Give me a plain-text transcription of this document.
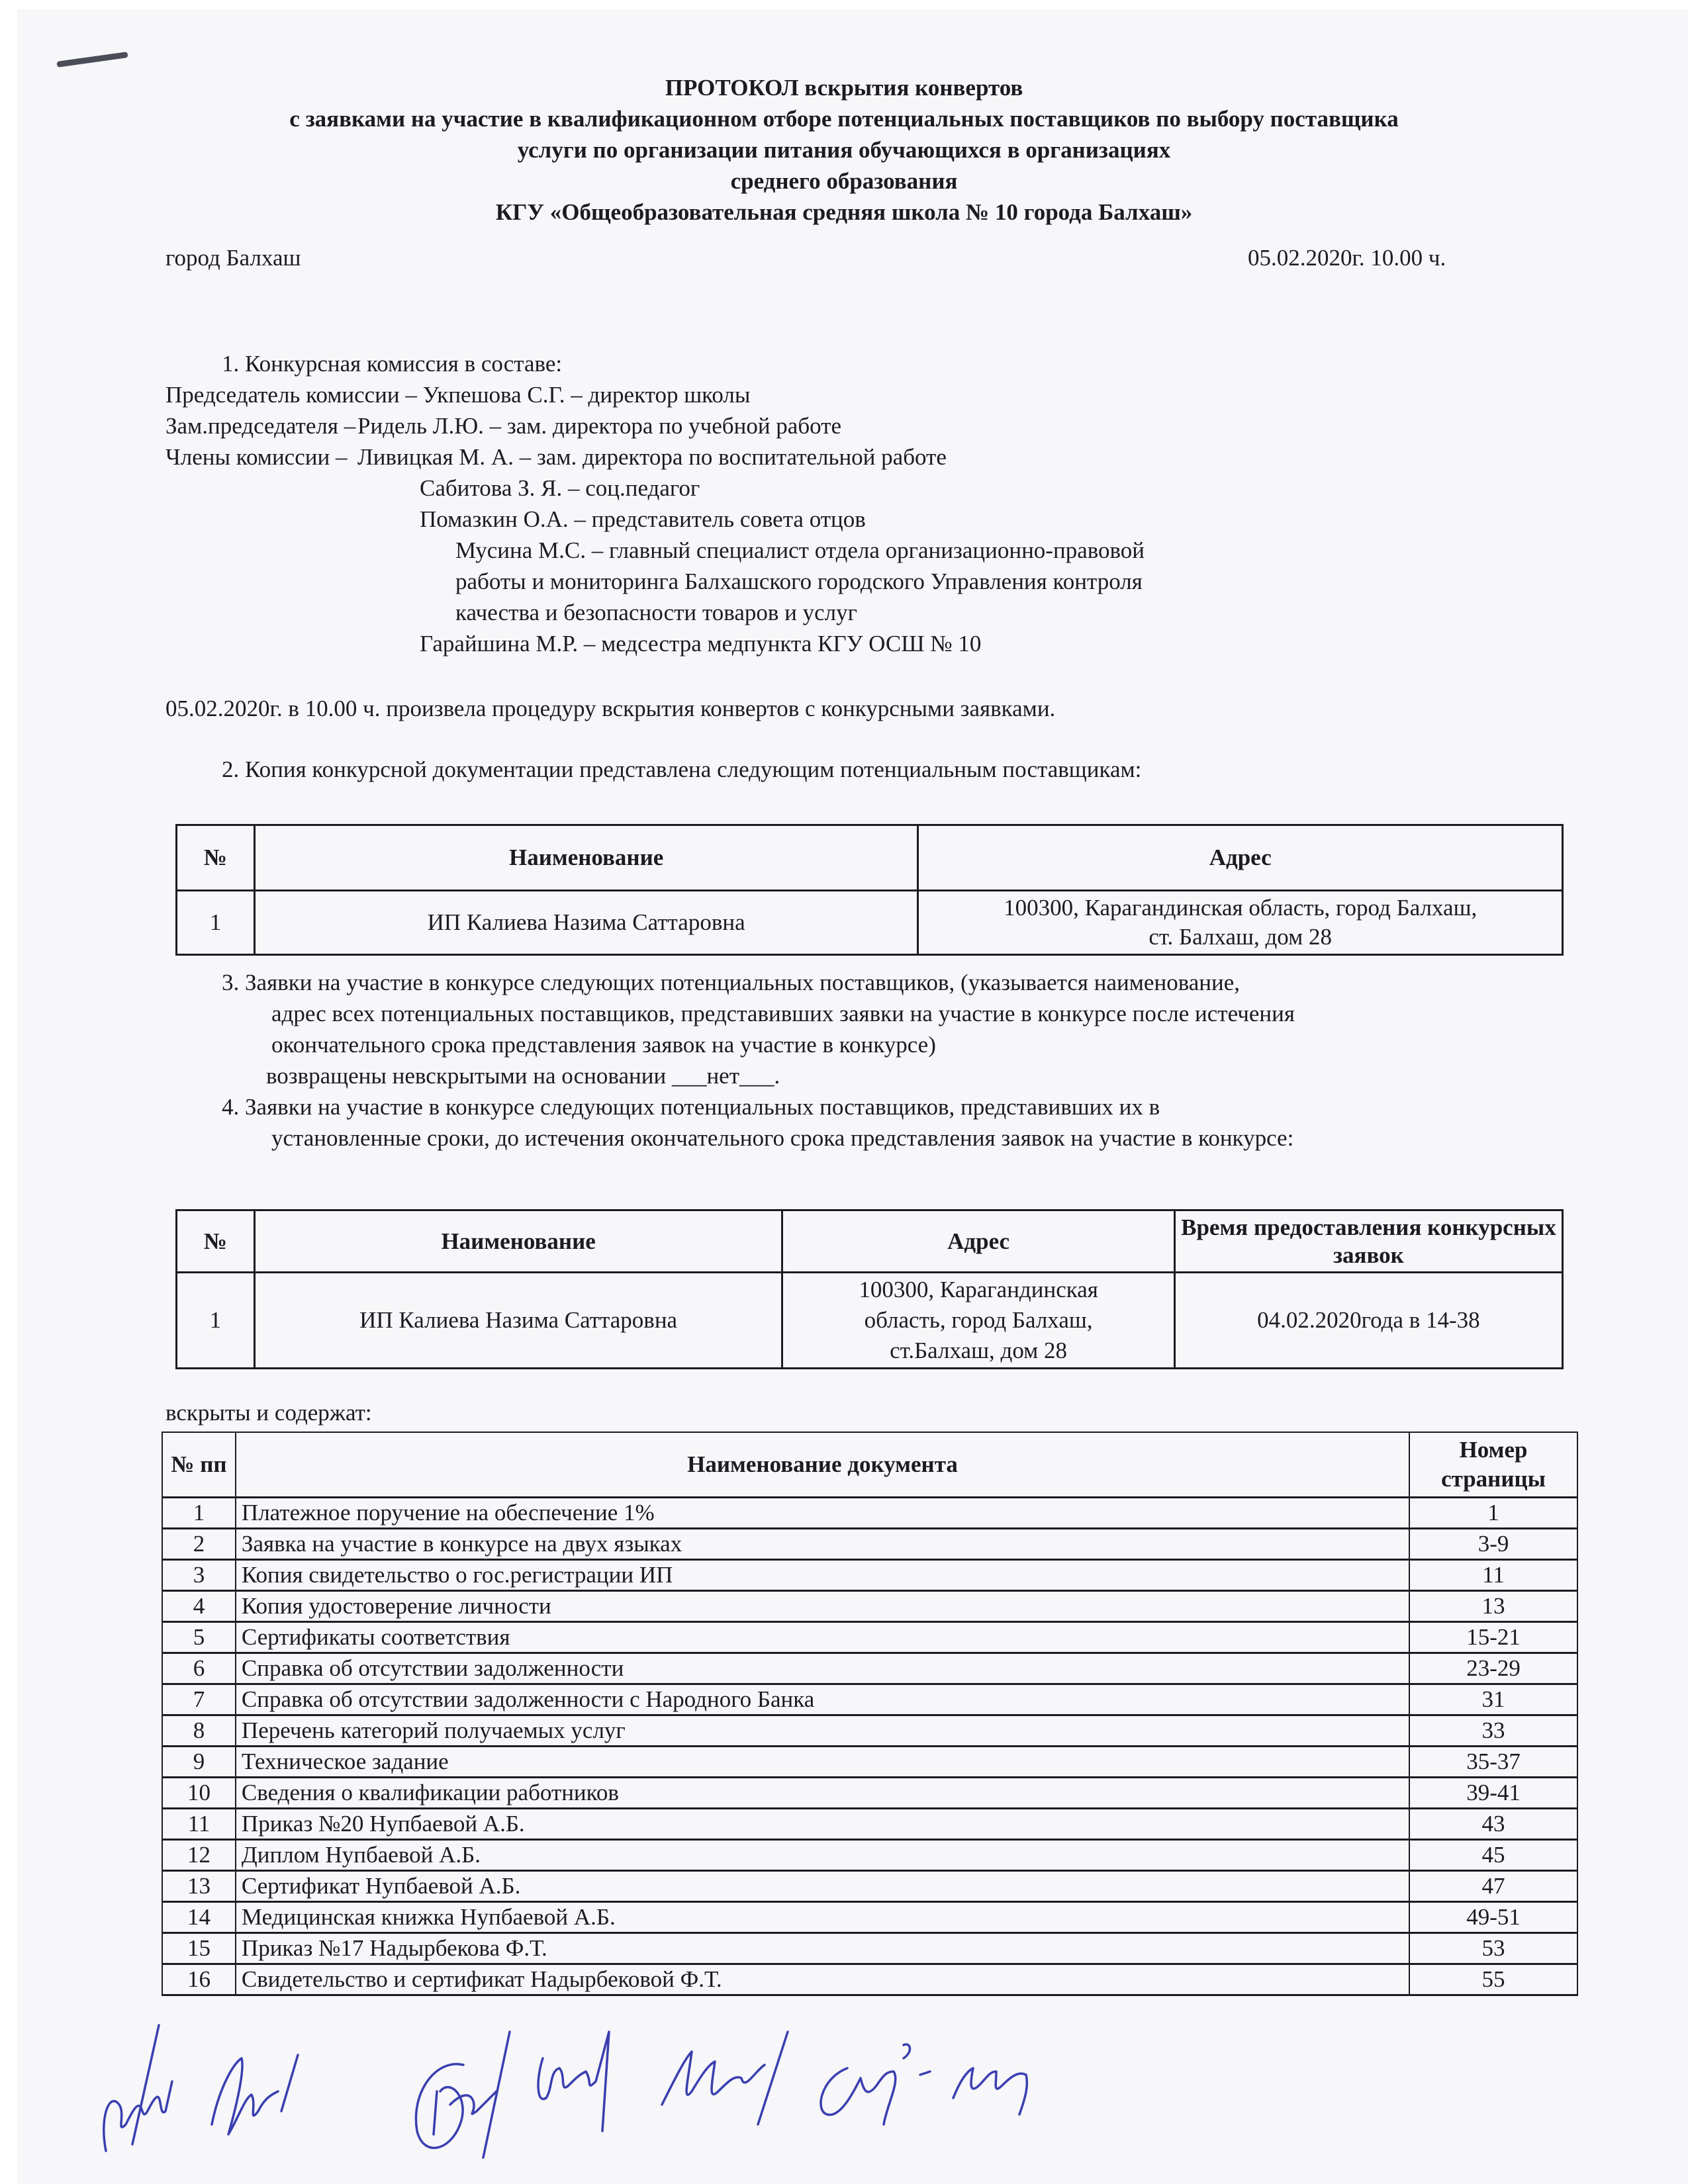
ПРОТОКОЛ вскрытия конвертов
с заявками на участие в квалификационном отборе потенциальных поставщиков по выбору поставщика
услуги по организации питания обучающихся в организациях
среднего образования
КГУ «Общеобразовательная средняя школа № 10 города Балхаш»
город Балхаш	05.02.2020г. 10.00 ч.
1. Конкурсная комиссия в составе:
Председатель комиссии – Укпешова С.Г. – директор школы
Зам.председателя – Ридель Л.Ю. – зам. директора по учебной работе
Члены комиссии – Ливицкая М. А. – зам. директора по воспитательной работе
Сабитова З. Я. – соц.педагог
Помазкин О.А. – представитель совета отцов
Мусина М.С. – главный специалист отдела организационно-правовой
работы и мониторинга Балхашского городского Управления контроля
качества и безопасности товаров и услуг
Гарайшина М.Р. – медсестра медпункта КГУ ОСШ № 10
05.02.2020г. в 10.00 ч. произвела процедуру вскрытия конвертов с конкурсными заявками.
2. Копия конкурсной документации представлена следующим потенциальным поставщикам:
№	Наименование	Адрес
1	ИП Калиева Назима Саттаровна	100300, Карагандинская область, город Балхаш,
ст. Балхаш, дом 28
3. Заявки на участие в конкурсе следующих потенциальных поставщиков, (указывается наименование,
адрес всех потенциальных поставщиков, представивших заявки на участие в конкурсе после истечения
окончательного срока представления заявок на участие в конкурсе)
возвращены невскрытыми на основании ___нет___.
4. Заявки на участие в конкурсе следующих потенциальных поставщиков, представивших их в
установленные сроки, до истечения окончательного срока представления заявок на участие в конкурсе:
№	Наименование	Адрес	Время предоставления конкурсных заявок
1	ИП Калиева Назима Саттаровна	100300, Карагандинская область, город Балхаш, ст.Балхаш, дом 28	04.02.2020года в 14-38
вскрыты и содержат:
№ пп	Наименование документа	Номер страницы
1	Платежное поручение на обеспечение 1%	1
2	Заявка на участие в конкурсе на двух языках	3-9
3	Копия свидетельство о гос.регистрации ИП	11
4	Копия удостоверение личности	13
5	Сертификаты соответствия	15-21
6	Справка об отсутствии задолженности	23-29
7	Справка об отсутствии задолженности с Народного Банка	31
8	Перечень категорий получаемых услуг	33
9	Техническое задание	35-37
10	Сведения о квалификации работников	39-41
11	Приказ №20 Нупбаевой А.Б.	43
12	Диплом Нупбаевой А.Б.	45
13	Сертификат Нупбаевой А.Б.	47
14	Медицинская книжка Нупбаевой А.Б.	49-51
15	Приказ №17 Надырбекова Ф.Т.	53
16	Свидетельство и сертификат Надырбековой Ф.Т.	55
